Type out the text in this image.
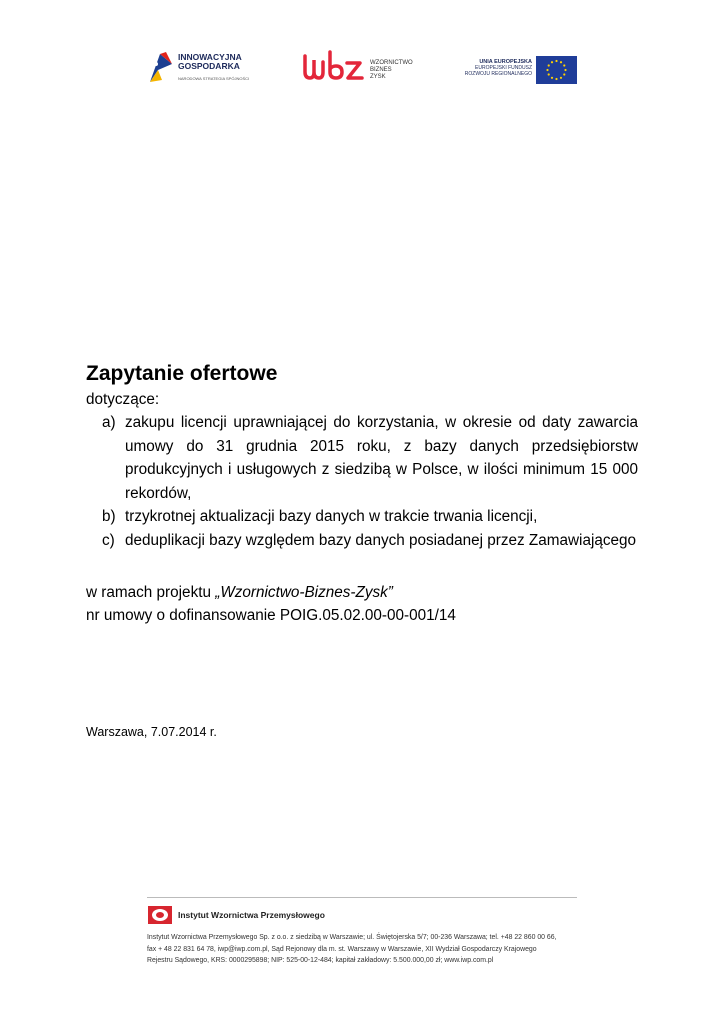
INNOWACYJNA
GOSPODARKA
NARODOWA STRATEGIA SPÓJNOŚCI
WZORNICTWO
BIZNES
ZYSK
UNIA EUROPEJSKA
EUROPEJSKI FUNDUSZ
ROZWOJU REGIONALNEGO
Zapytanie ofertowe
dotyczące:
a) zakupu licencji uprawniającej do korzystania, w okresie od daty zawarcia umowy do 31 grudnia 2015 roku, z bazy danych przedsiębiorstw produkcyjnych i usługowych z siedzibą w Polsce, w ilości minimum 15 000 rekordów,
b) trzykrotnej aktualizacji bazy danych w trakcie trwania licencji,
c) deduplikacji bazy względem bazy danych posiadanej przez Zamawiającego
w ramach projektu „Wzornictwo-Biznes-Zysk”
nr umowy o dofinansowanie POIG.05.02.00-00-001/14
Warszawa, 7.07.2014 r.
Instytut Wzornictwa Przemysłowego
Instytut Wzornictwa Przemysłowego Sp. z o.o. z siedzibą w Warszawie; ul. Świętojerska 5/7; 00-236 Warszawa; tel. +48 22 860 00 66,
fax + 48 22 831 64 78, iwp@iwp.com.pl, Sąd Rejonowy dla m. st. Warszawy w Warszawie, XII Wydział Gospodarczy Krajowego
Rejestru Sądowego, KRS: 0000295898; NIP: 525-00-12-484; kapitał zakładowy: 5.500.000,00 zł; www.iwp.com.pl
